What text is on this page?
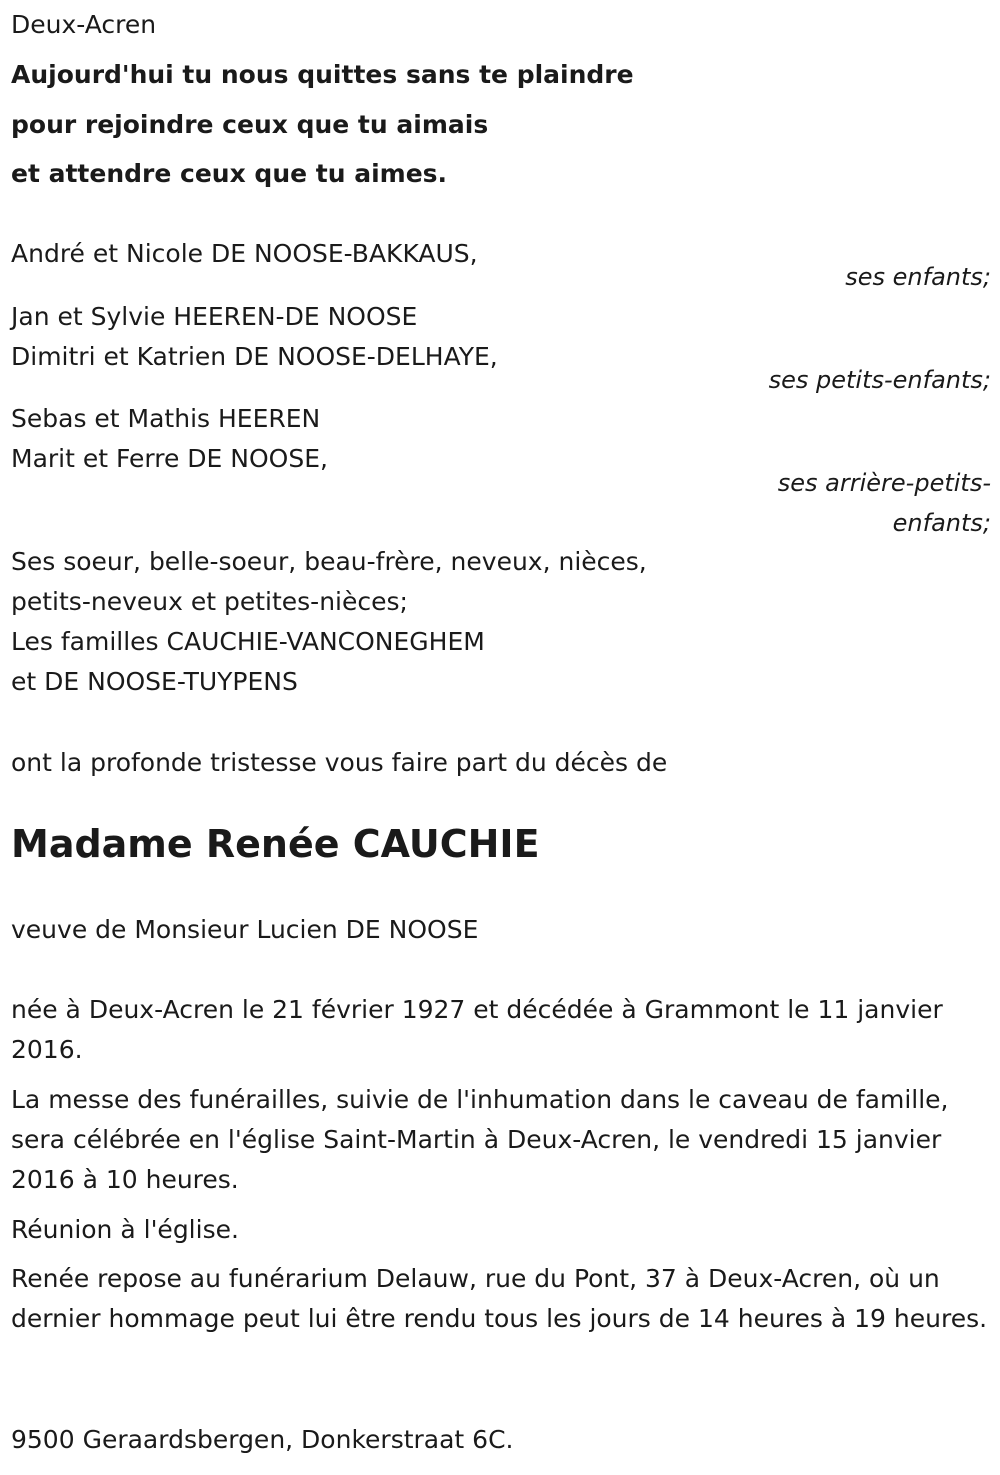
Deux-Acren
Aujourd'hui tu nous quittes sans te plaindre
pour rejoindre ceux que tu aimais
et attendre ceux que tu aimes.
André et Nicole DE NOOSE-BAKKAUS,
ses enfants;
Jan et Sylvie HEEREN-DE NOOSE
Dimitri et Katrien DE NOOSE-DELHAYE,
ses petits-enfants;
Sebas et Mathis HEEREN
Marit et Ferre DE NOOSE,
ses arrière-petits-
enfants;
Ses soeur, belle-soeur, beau-frère, neveux, nièces,
petits-neveux et petites-nièces;
Les familles CAUCHIE-VANCONEGHEM
et DE NOOSE-TUYPENS
ont la profonde tristesse vous faire part du décès de
Madame Renée CAUCHIE
veuve de Monsieur Lucien DE NOOSE
née à Deux-Acren le 21 février 1927 et décédée à Grammont le 11 janvier 2016.
La messe des funérailles, suivie de l'inhumation dans le caveau de famille, sera célébrée en l'église Saint-Martin à Deux-Acren, le vendredi 15 janvier 2016 à 10 heures.
Réunion à l'église.
Renée repose au funérarium Delauw, rue du Pont, 37 à Deux-Acren, où un dernier hommage peut lui être rendu tous les jours de 14 heures à 19 heures.
9500 Geraardsbergen, Donkerstraat 6C.
